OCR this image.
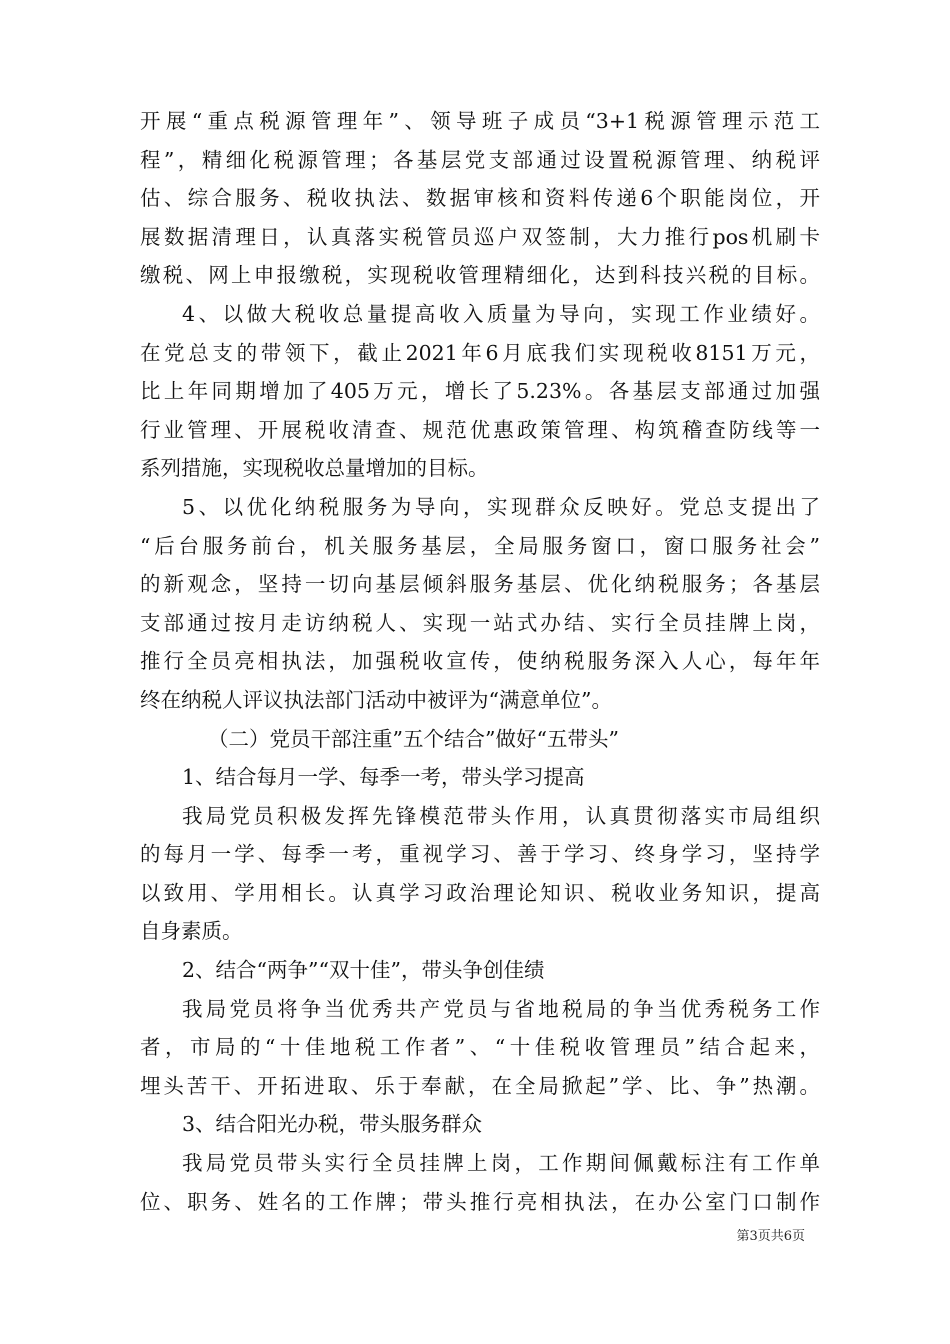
开展“重点税源管理年”、领导班子成员“3+1税源管理示范工
程”，精细化税源管理；各基层党支部通过设置税源管理、纳税评
估、综合服务、税收执法、数据审核和资料传递6个职能岗位，开
展数据清理日，认真落实税管员巡户双签制，大力推行pos机刷卡
缴税、网上申报缴税，实现税收管理精细化，达到科技兴税的目标。
4、以做大税收总量提高收入质量为导向，实现工作业绩好。
在党总支的带领下，截止2021年6月底我们实现税收8151万元，
比上年同期增加了405万元，增长了5.23%。各基层支部通过加强
行业管理、开展税收清查、规范优惠政策管理、构筑稽查防线等一
系列措施，实现税收总量增加的目标。
5、以优化纳税服务为导向，实现群众反映好。党总支提出了
“后台服务前台，机关服务基层，全局服务窗口，窗口服务社会”
的新观念，坚持一切向基层倾斜服务基层、优化纳税服务；各基层
支部通过按月走访纳税人、实现一站式办结、实行全员挂牌上岗，
推行全员亮相执法，加强税收宣传，使纳税服务深入人心，每年年
终在纳税人评议执法部门活动中被评为“满意单位”。
（二）党员干部注重”五个结合”做好“五带头”
1、结合每月一学、每季一考，带头学习提高
我局党员积极发挥先锋模范带头作用，认真贯彻落实市局组织
的每月一学、每季一考，重视学习、善于学习、终身学习，坚持学
以致用、学用相长。认真学习政治理论知识、税收业务知识，提高
自身素质。
2、结合“两争”“双十佳”，带头争创佳绩
我局党员将争当优秀共产党员与省地税局的争当优秀税务工作
者，市局的“十佳地税工作者”、“十佳税收管理员”结合起来，
埋头苦干、开拓进取、乐于奉献，在全局掀起”学、比、争”热潮。
3、结合阳光办税，带头服务群众
我局党员带头实行全员挂牌上岗，工作期间佩戴标注有工作单
位、职务、姓名的工作牌；带头推行亮相执法，在办公室门口制作
第3页共6页
